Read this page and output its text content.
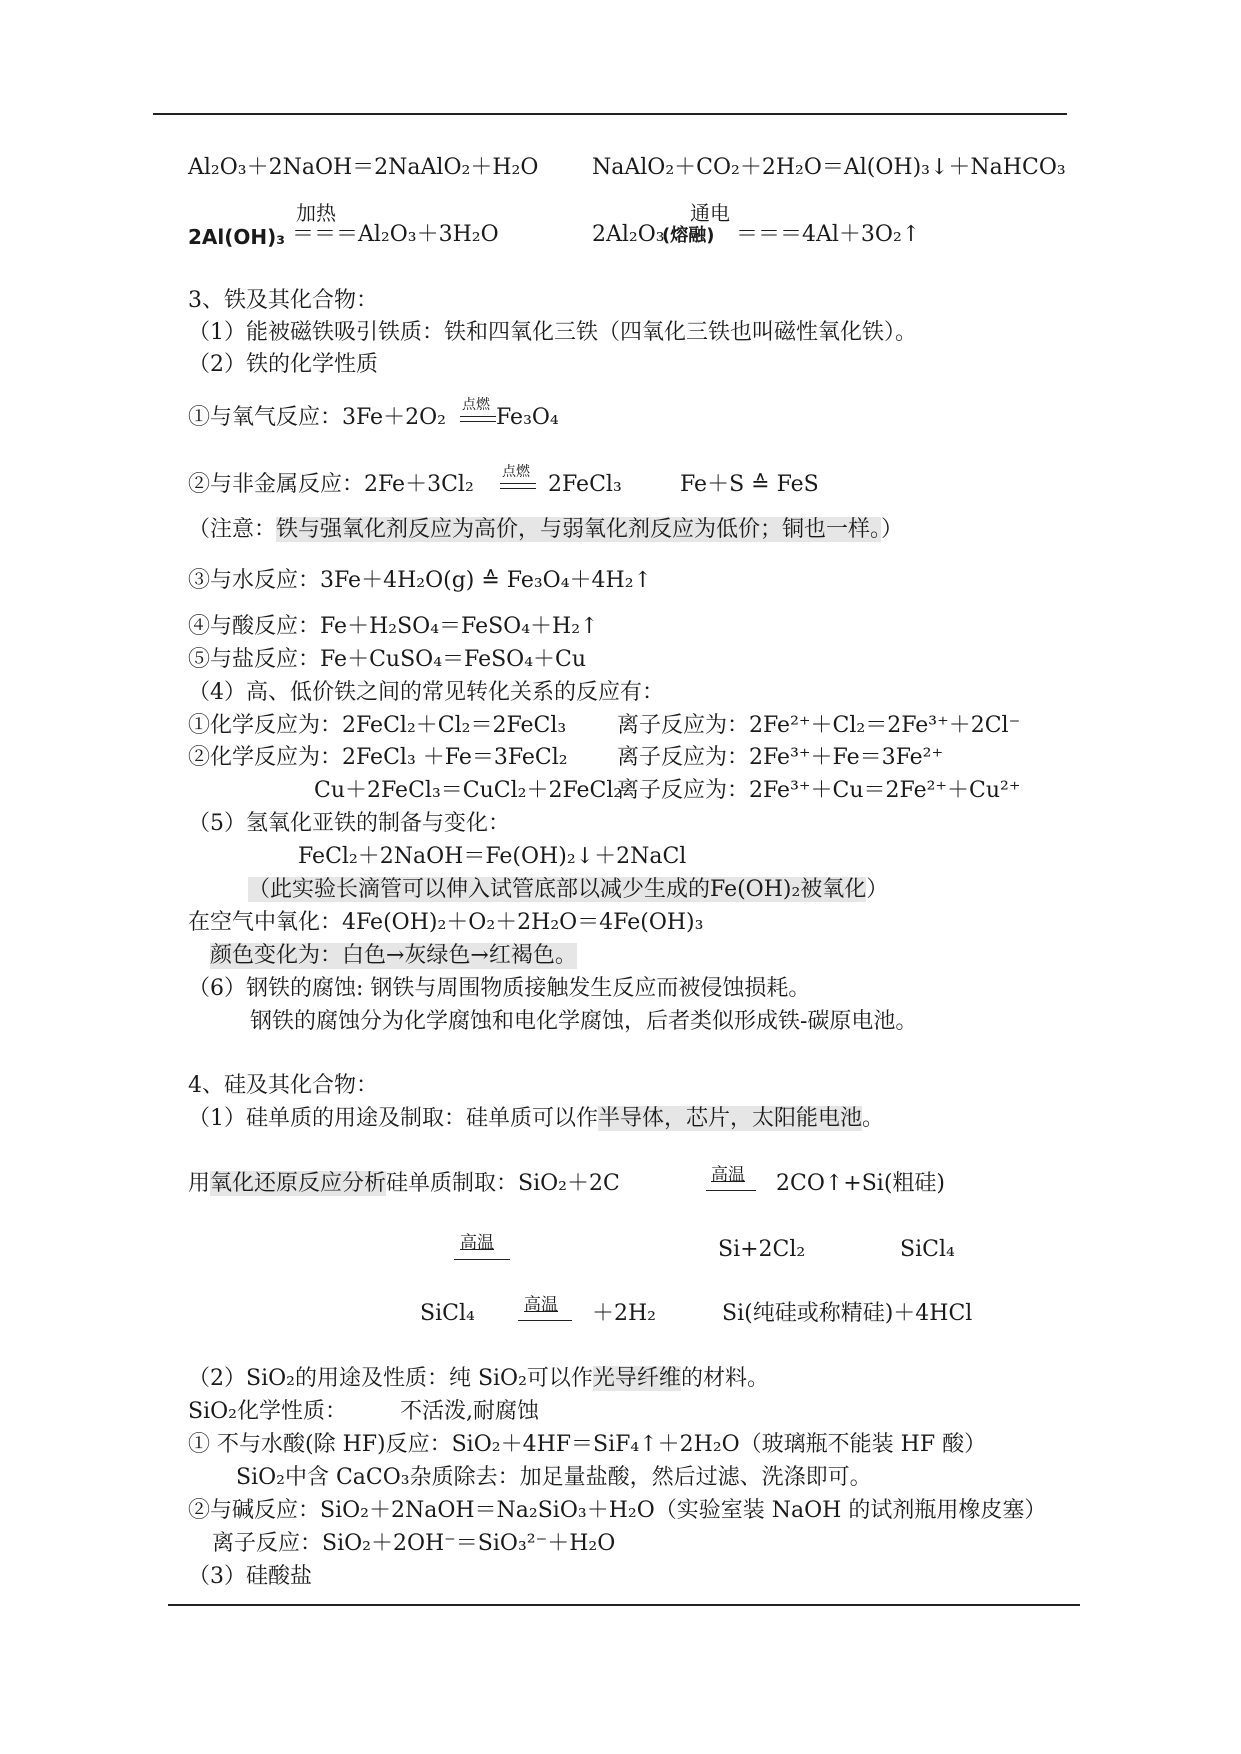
Al₂O₃＋2NaOH＝2NaAlO₂＋H₂O NaAlO₂＋CO₂＋2H₂O＝Al(OH)₃↓＋NaHCO₃
加热
2Al(OH)₃ ＝＝＝Al₂O₃＋3H₂O
通电
2Al₂O₃
(熔融) ＝＝＝4Al＋3O₂↑
3、铁及其化合物：
（1）能被磁铁吸引铁质：铁和四氧化三铁（四氧化三铁也叫磁性氧化铁）。
（2）铁的化学性质
①与氧气反应：3Fe＋2O₂ 点燃 Fe₃O₄
②与非金属反应：2Fe＋3Cl₂ 点燃 2FeCl₃	Fe＋S ≙ FeS
（注意：铁与强氧化剂反应为高价，与弱氧化剂反应为低价；铜也一样。）
③与水反应：3Fe＋4H₂O(g) ≙ Fe₃O₄＋4H₂↑
④与酸反应：Fe＋H₂SO₄＝FeSO₄＋H₂↑
⑤与盐反应：Fe＋CuSO₄＝FeSO₄＋Cu
（4）高、低价铁之间的常见转化关系的反应有：
①化学反应为：2FeCl₂＋Cl₂＝2FeCl₃ 离子反应为：2Fe²⁺＋Cl₂＝2Fe³⁺＋2Cl⁻
②化学反应为：2FeCl₃ ＋Fe＝3FeCl₂ 离子反应为：2Fe³⁺＋Fe＝3Fe²⁺
Cu＋2FeCl₃＝CuCl₂＋2FeCl₂
离子反应为：2Fe³⁺＋Cu＝2Fe²⁺＋Cu²⁺
（5）氢氧化亚铁的制备与变化：
FeCl₂＋2NaOH＝Fe(OH)₂↓＋2NaCl
（此实验长滴管可以伸入试管底部以减少生成的Fe(OH)₂被氧化）
在空气中氧化：4Fe(OH)₂＋O₂＋2H₂O＝4Fe(OH)₃
颜色变化为：白色→灰绿色→红褐色。
（6）钢铁的腐蚀: 钢铁与周围物质接触发生反应而被侵蚀损耗。
钢铁的腐蚀分为化学腐蚀和电化学腐蚀，后者类似形成铁-碳原电池。
4、硅及其化合物：
（1）硅单质的用途及制取：硅单质可以作半导体，芯片，太阳能电池。
用氧化还原反应分析硅单质制取：SiO₂＋2C	高温 2CO↑+Si(粗硅)
高温	Si+2Cl₂	SiCl₄
SiCl₄	高温 ＋2H₂	Si(纯硅或称精硅)＋4HCl
（2）SiO₂的用途及性质：纯 SiO₂可以作光导纤维的材料。
SiO₂化学性质： 不活泼,耐腐蚀
① 不与水酸(除 HF)反应：SiO₂＋4HF＝SiF₄↑＋2H₂O（玻璃瓶不能装 HF 酸）
SiO₂中含 CaCO₃杂质除去：加足量盐酸，然后过滤、洗涤即可。
②与碱反应：SiO₂＋2NaOH＝Na₂SiO₃＋H₂O（实验室装 NaOH 的试剂瓶用橡皮塞）
离子反应：SiO₂＋2OH⁻＝SiO₃²⁻＋H₂O
（3）硅酸盐
